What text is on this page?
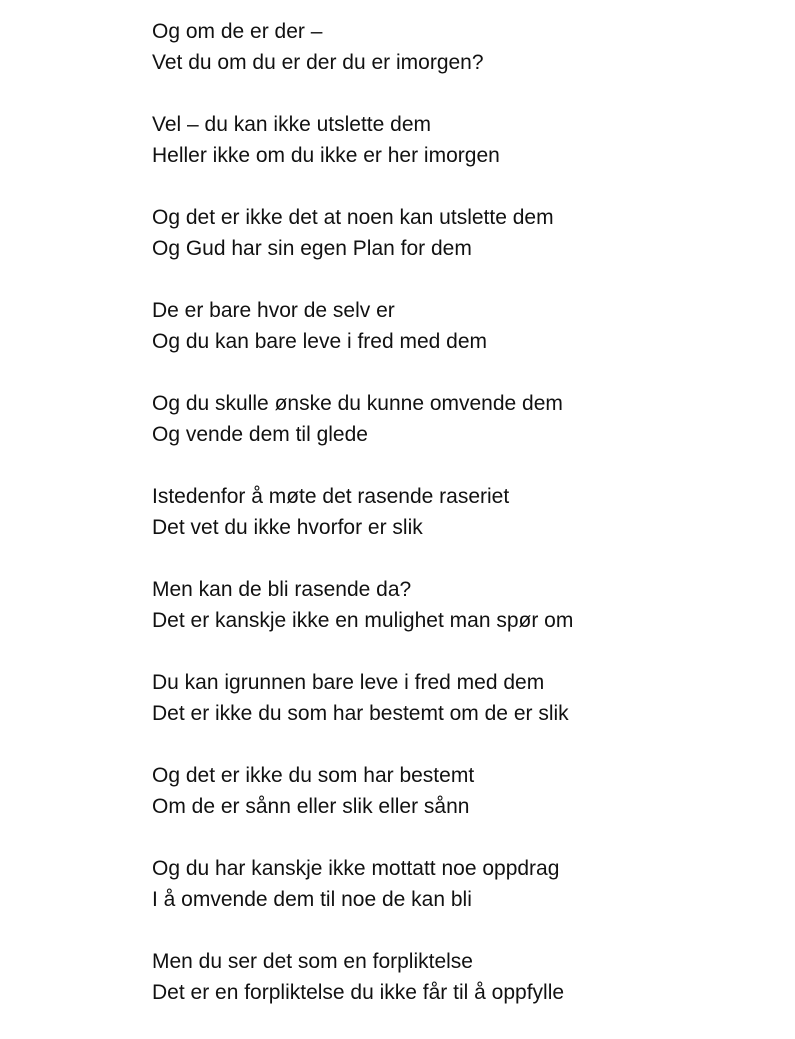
Og om de er der –
Vet du om du er der du er imorgen?
Vel – du kan ikke utslette dem
Heller ikke om du ikke er her imorgen
Og det er ikke det at noen kan utslette dem
Og Gud har sin egen Plan for dem
De er bare hvor de selv er
Og du kan bare leve i fred med dem
Og du skulle ønske du kunne omvende dem
Og vende dem til glede
Istedenfor å møte det rasende raseriet
Det vet du ikke hvorfor er slik
Men kan de bli rasende da?
Det er kanskje ikke en mulighet man spør om
Du kan igrunnen bare leve i fred med dem
Det er ikke du som har bestemt om de er slik
Og det er ikke du som har bestemt
Om de er sånn eller slik eller sånn
Og du har kanskje ikke mottatt noe oppdrag
I å omvende dem til noe de kan bli
Men du ser det som en forpliktelse
Det er en forpliktelse du ikke får til å oppfylle
